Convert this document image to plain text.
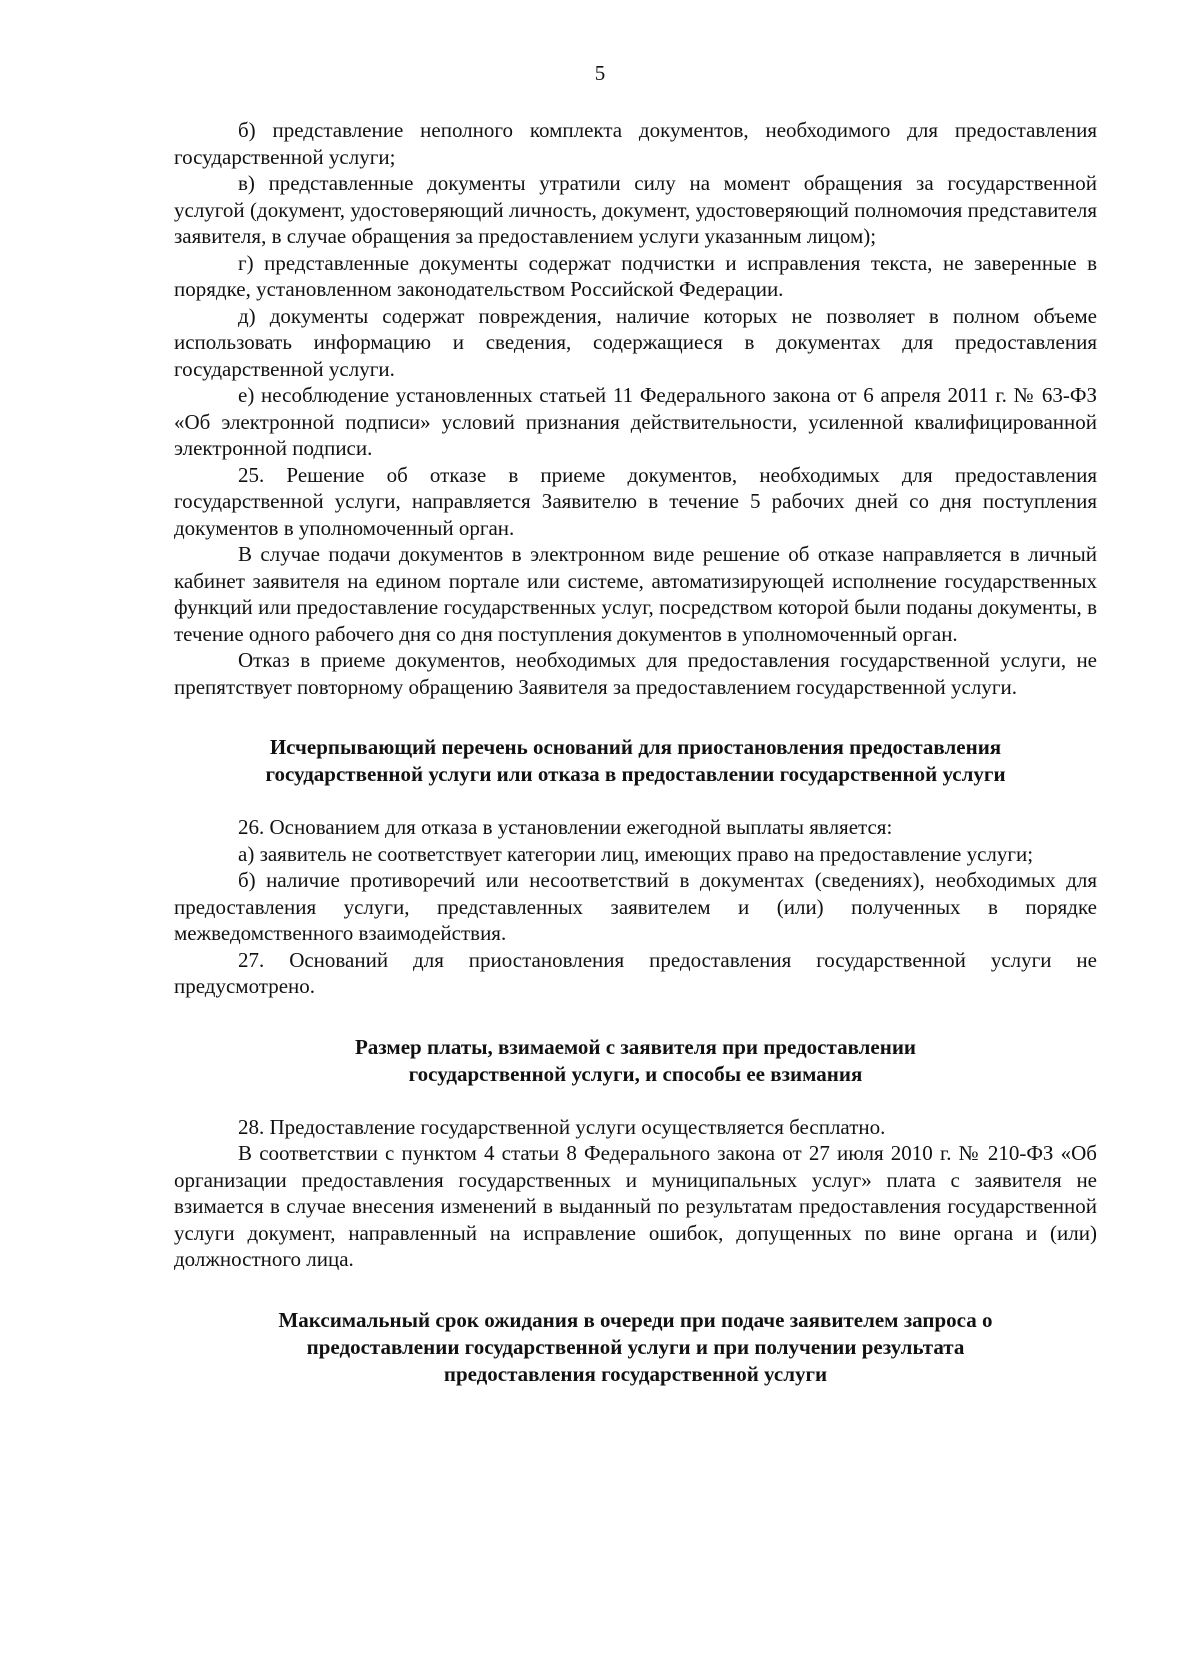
5

б) представление неполного комплекта документов, необходимого для предоставления государственной услуги;

в) представленные документы утратили силу на момент обращения за государственной услугой (документ, удостоверяющий личность, документ, удостоверяющий полномочия представителя заявителя, в случае обращения за предоставлением услуги указанным лицом);

г) представленные документы содержат подчистки и исправления текста, не заверенные в порядке, установленном законодательством Российской Федерации.

д) документы содержат повреждения, наличие которых не позволяет в полном объеме использовать информацию и сведения, содержащиеся в документах для предоставления государственной услуги.

е) несоблюдение установленных статьей 11 Федерального закона от 6 апреля 2011 г. № 63-ФЗ «Об электронной подписи» условий признания действительности, усиленной квалифицированной электронной подписи.

25. Решение об отказе в приеме документов, необходимых для предоставления государственной услуги, направляется Заявителю в течение 5 рабочих дней со дня поступления документов в уполномоченный орган.

В случае подачи документов в электронном виде решение об отказе направляется в личный кабинет заявителя на едином портале или системе, автоматизирующей исполнение государственных функций или предоставление государственных услуг, посредством которой были поданы документы, в течение одного рабочего дня со дня поступления документов в уполномоченный орган.

Отказ в приеме документов, необходимых для предоставления государственной услуги, не препятствует повторному обращению Заявителя за предоставлением государственной услуги.

Исчерпывающий перечень оснований для приостановления предоставления
государственной услуги или отказа в предоставлении государственной услуги

26. Основанием для отказа в установлении ежегодной выплаты является:

а) заявитель не соответствует категории лиц, имеющих право на предоставление услуги;

б) наличие противоречий или несоответствий в документах (сведениях), необходимых для предоставления услуги, представленных заявителем и (или) полученных в порядке межведомственного взаимодействия.

27. Оснований для приостановления предоставления государственной услуги не предусмотрено.

Размер платы, взимаемой с заявителя при предоставлении
государственной услуги, и способы ее взимания

28. Предоставление государственной услуги осуществляется бесплатно.

В соответствии с пунктом 4 статьи 8 Федерального закона от 27 июля 2010 г. № 210-ФЗ «Об организации предоставления государственных и муниципальных услуг» плата с заявителя не взимается в случае внесения изменений в выданный по результатам предоставления государственной услуги документ, направленный на исправление ошибок, допущенных по вине органа и (или) должностного лица.

Максимальный срок ожидания в очереди при подаче заявителем запроса о
предоставлении государственной услуги и при получении результата
предоставления государственной услуги
